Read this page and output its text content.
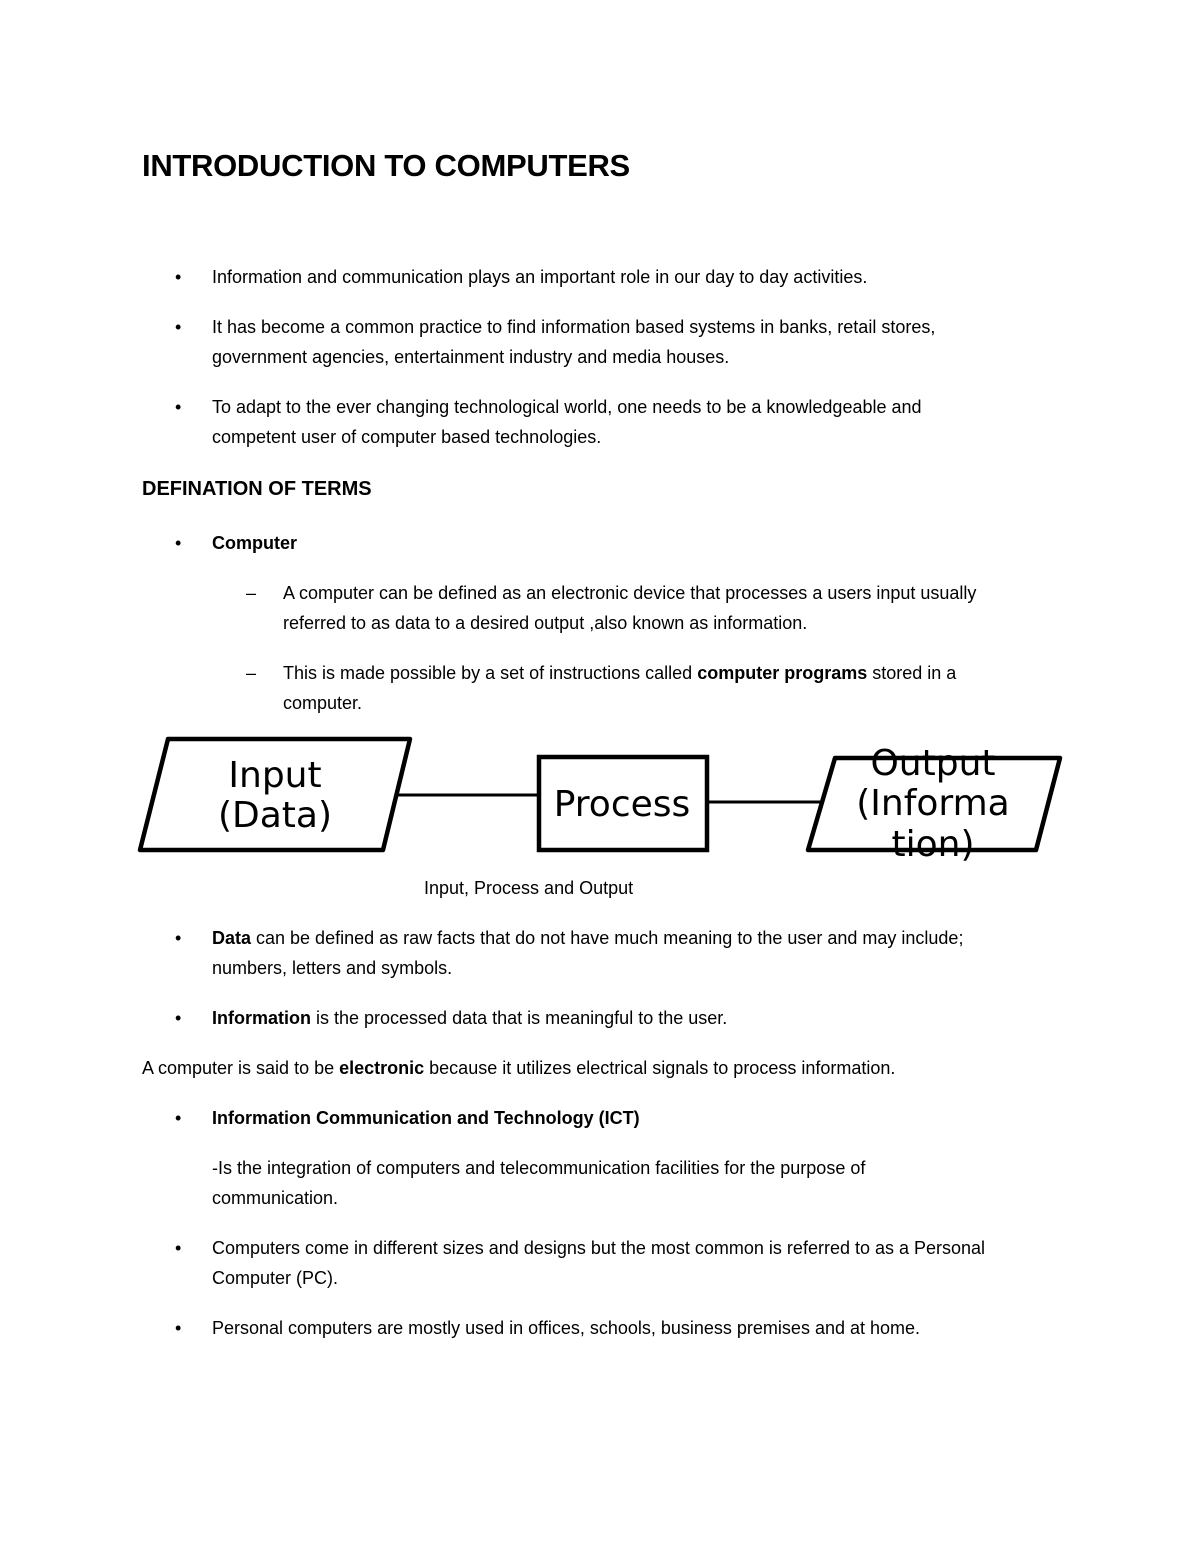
INTRODUCTION TO COMPUTERS
• Information and communication plays an important role in our day to day activities.
• It has become a common practice to find information based systems in banks, retail stores,
government agencies, entertainment industry and media houses.
• To adapt to the ever changing technological world, one needs to be a knowledgeable and
competent user of computer based technologies.
DEFINATION OF TERMS
• Computer
– A computer can be defined as an electronic device that processes a users input usually
referred to as data to a desired output ,also known as information.
– This is made possible by a set of instructions called computer programs stored in a
computer.
Input
(Data)	Process
Output
(Informa
tion)
Input, Process and Output
• Data can be defined as raw facts that do not have much meaning to the user and may include;
numbers, letters and symbols.
• Information is the processed data that is meaningful to the user.
A computer is said to be electronic because it utilizes electrical signals to process information.
• Information Communication and Technology (ICT)
-Is the integration of computers and telecommunication facilities for the purpose of
communication.
• Computers come in different sizes and designs but the most common is referred to as a Personal
Computer (PC).
• Personal computers are mostly used in offices, schools, business premises and at home.
